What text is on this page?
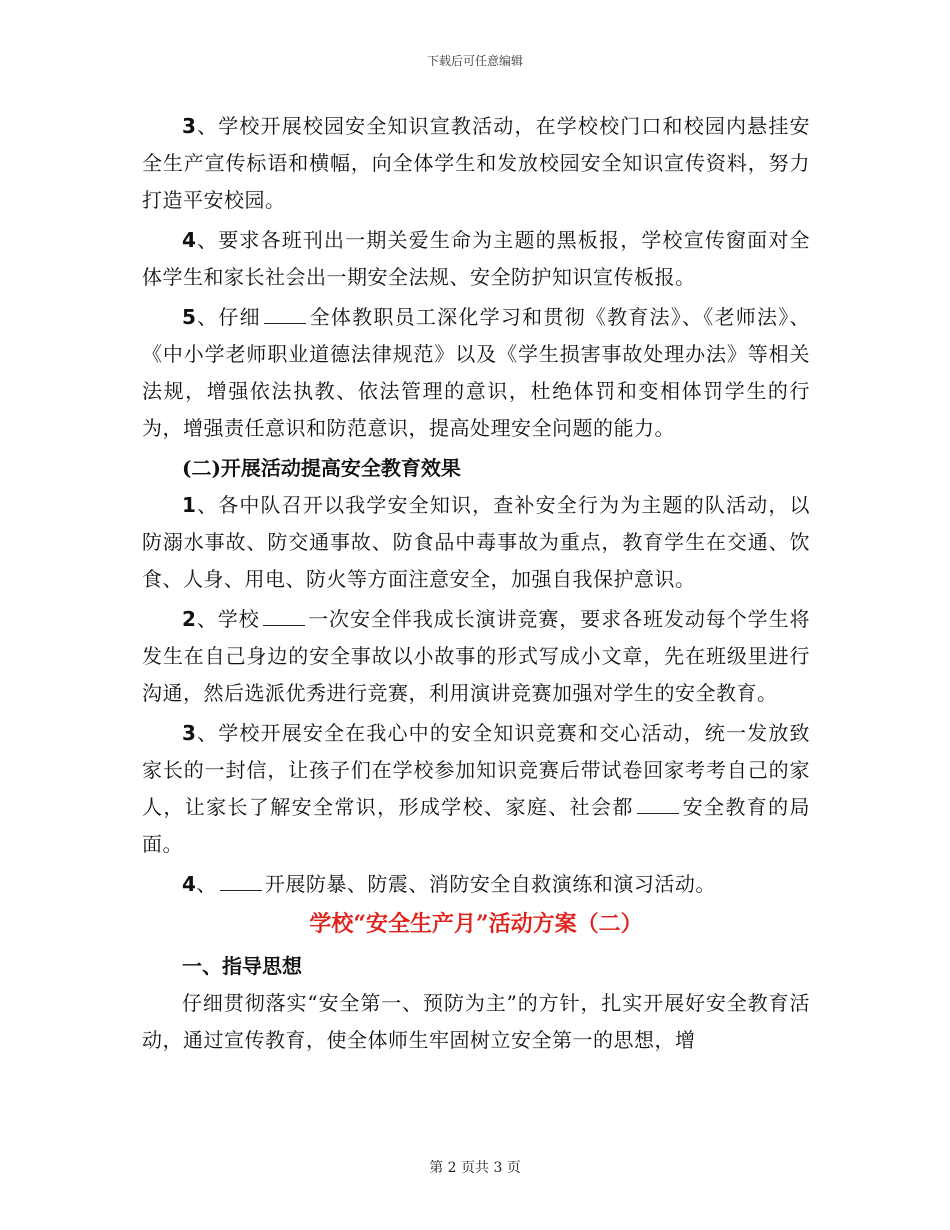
下载后可任意编辑

3、学校开展校园安全知识宣教活动，在学校校门口和校园内悬挂安全生产宣传标语和横幅，向全体学生和发放校园安全知识宣传资料，努力打造平安校园。

4、要求各班刊出一期关爱生命为主题的黑板报，学校宣传窗面对全体学生和家长社会出一期安全法规、安全防护知识宣传板报。

5、仔细 全体教职员工深化学习和贯彻《教育法》、《老师法》、《中小学老师职业道德法律规范》以及《学生损害事故处理办法》等相关法规，增强依法执教、依法管理的意识，杜绝体罚和变相体罚学生的行为，增强责任意识和防范意识，提高处理安全问题的能力。

(二)开展活动提高安全教育效果

1、各中队召开以我学安全知识，查补安全行为为主题的队活动，以防溺水事故、防交通事故、防食品中毒事故为重点，教育学生在交通、饮食、人身、用电、防火等方面注意安全，加强自我保护意识。

2、学校 一次安全伴我成长演讲竞赛，要求各班发动每个学生将发生在自己身边的安全事故以小故事的形式写成小文章，先在班级里进行沟通，然后选派优秀进行竞赛，利用演讲竞赛加强对学生的安全教育。

3、学校开展安全在我心中的安全知识竞赛和交心活动，统一发放致家长的一封信，让孩子们在学校参加知识竞赛后带试卷回家考考自己的家人，让家长了解安全常识，形成学校、家庭、社会都 安全教育的局面。

4、 开展防暴、防震、消防安全自救演练和演习活动。

学校“安全生产月”活动方案（二）

一、指导思想

仔细贯彻落实“安全第一、预防为主”的方针，扎实开展好安全教育活动，通过宣传教育，使全体师生牢固树立安全第一的思想，增

第 2 页共 3 页
